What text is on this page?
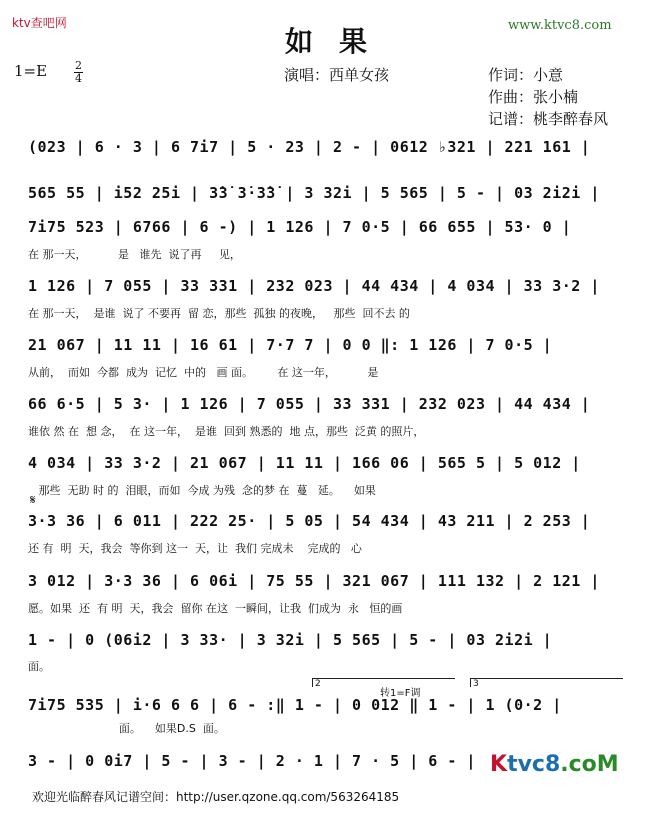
ktv查吧网	www.ktvc8.com
如果
1=E	2
4	演唱：西单女孩	作词：小意
作曲：张小楠
记谱：桃李醉春风
(023 | 6 · 3 | 6 7i7 | 5 · 23 | 2 - | 0612 ♭321 | 221 161 |
565 55 | i52 25i | 3̇3̇ 3̇·3̇3̇ | 3 32i | 5 565 | 5 - | 03 2i2i |
7i75 523 | 6766 | 6 -) | 1 126 | 7 0·5 | 66 655 | 53· 0 |
在 那一天，         是   谁先  说了再     见，
1 126 | 7 055 | 33 331 | 232 023 | 44 434 | 4 034 | 33 3·2 |
在 那一天，  是谁  说了 不要再  留 恋，那些  孤独 的夜晚，   那些  回不去 的
21 067 | 11 11 | 16 61 | 7·7 7 | 0 0 ‖: 1 126 | 7 0·5 |
从前，  而如  今都  成为  记忆  中的   画 面。       在 这一年，         是
66 6·5 | 5 3· | 1 126 | 7 055 | 33 331 | 232 023 | 44 434 |
谁依 然 在  想 念，  在 这一年，  是谁  回到 熟悉的  地 点，那些  泛黄 的照片，
4 034 | 33 3·2 | 21 067 | 11 11 | 166 06 | 565 5 | 5 012 |
那些  无助 时 的  泪眼，而如  今成 为残  念的梦 在  蔓   延。    如果
𝄋
3·3 36 | 6 011 | 222 25· | 5 05 | 54 434 | 43 211 | 2 253 |
还 有  明  天，我会  等你到 这一  天，让  我们 完成未    完成的   心
3 012 | 3·3 36 | 6 06i | 75 55 | 321 067 | 111 132 | 2 121 |
愿。如果  还  有 明  天，我会  留你 在这  一瞬间，让我  们成为  永   恒的画
1 - | 0 (06i2 | 3 33· | 3 32i | 5 565 | 5 - | 03 2i2i |
面。
2	3
转1=F调
7i75 535 | i·6 6 6 | 6 - :‖ 1 - | 0 012 ‖ 1 - | 1 (0·2 |
面。    如果D.S  面。
3 - | 0 0i7 | 5 - | 3 - | 2 · 1 | 7 · 5 | 6 - | Ktvc8.coM
欢迎光临醉春风记谱空间：http://user.qzone.qq.com/563264185
